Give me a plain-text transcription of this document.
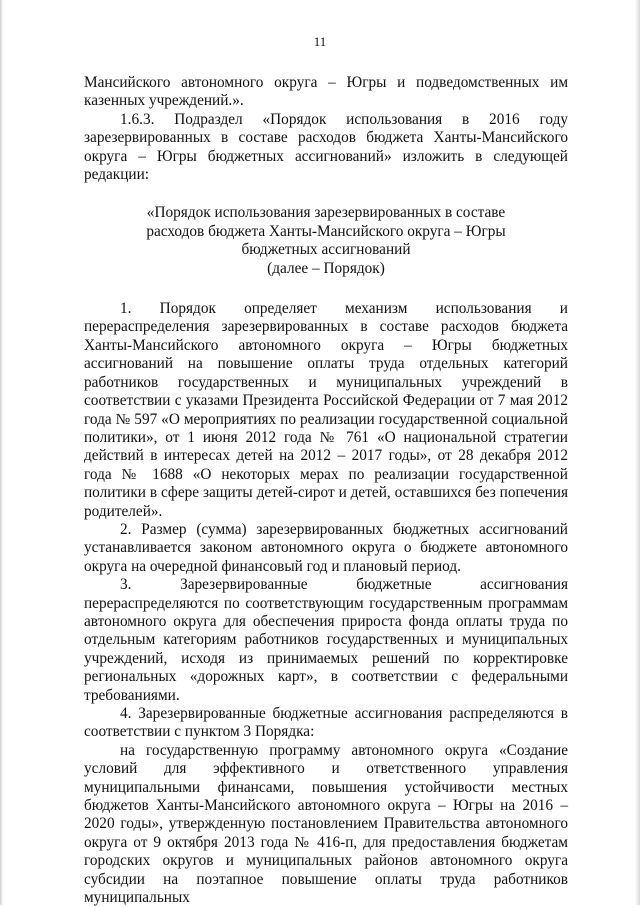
11

Мансийского автономного округа – Югры и подведомственных им казенных учреждений.».

1.6.3. Подраздел «Порядок использования в 2016 году зарезервированных в составе расходов бюджета Ханты-Мансийского округа – Югры бюджетных ассигнований» изложить в следующей редакции:

«Порядок использования зарезервированных в составе

расходов бюджета Ханты-Мансийского округа – Югры

бюджетных ассигнований

(далее – Порядок)

1. Порядок определяет механизм использования и перераспределения зарезервированных в составе расходов бюджета Ханты-Мансийского автономного округа – Югры бюджетных ассигнований на повышение оплаты труда отдельных категорий работников государственных и муниципальных учреждений в соответствии с указами Президента Российской Федерации от 7 мая 2012 года № 597 «О мероприятиях по реализации государственной социальной политики», от 1 июня 2012 года № 761 «О национальной стратегии действий в интересах детей на 2012 – 2017 годы», от 28 декабря 2012 года № 1688 «О некоторых мерах по реализации государственной политики в сфере защиты детей-сирот и детей, оставшихся без попечения родителей».

2. Размер (сумма) зарезервированных бюджетных ассигнований устанавливается законом автономного округа о бюджете автономного округа на очередной финансовый год и плановый период.

3. Зарезервированные бюджетные ассигнования перераспределяются по соответствующим государственным программам автономного округа для обеспечения прироста фонда оплаты труда по отдельным категориям работников государственных и муниципальных учреждений, исходя из принимаемых решений по корректировке региональных «дорожных карт», в соответствии с федеральными требованиями.

4. Зарезервированные бюджетные ассигнования распределяются в соответствии с пунктом 3 Порядка:

на государственную программу автономного округа «Создание условий для эффективного и ответственного управления муниципальными финансами, повышения устойчивости местных бюджетов Ханты-Мансийского автономного округа – Югры на 2016 – 2020 годы», утвержденную постановлением Правительства автономного округа от 9 октября 2013 года № 416-п, для предоставления бюджетам городских округов и муниципальных районов автономного округа субсидии на поэтапное повышение оплаты труда работников муниципальных
